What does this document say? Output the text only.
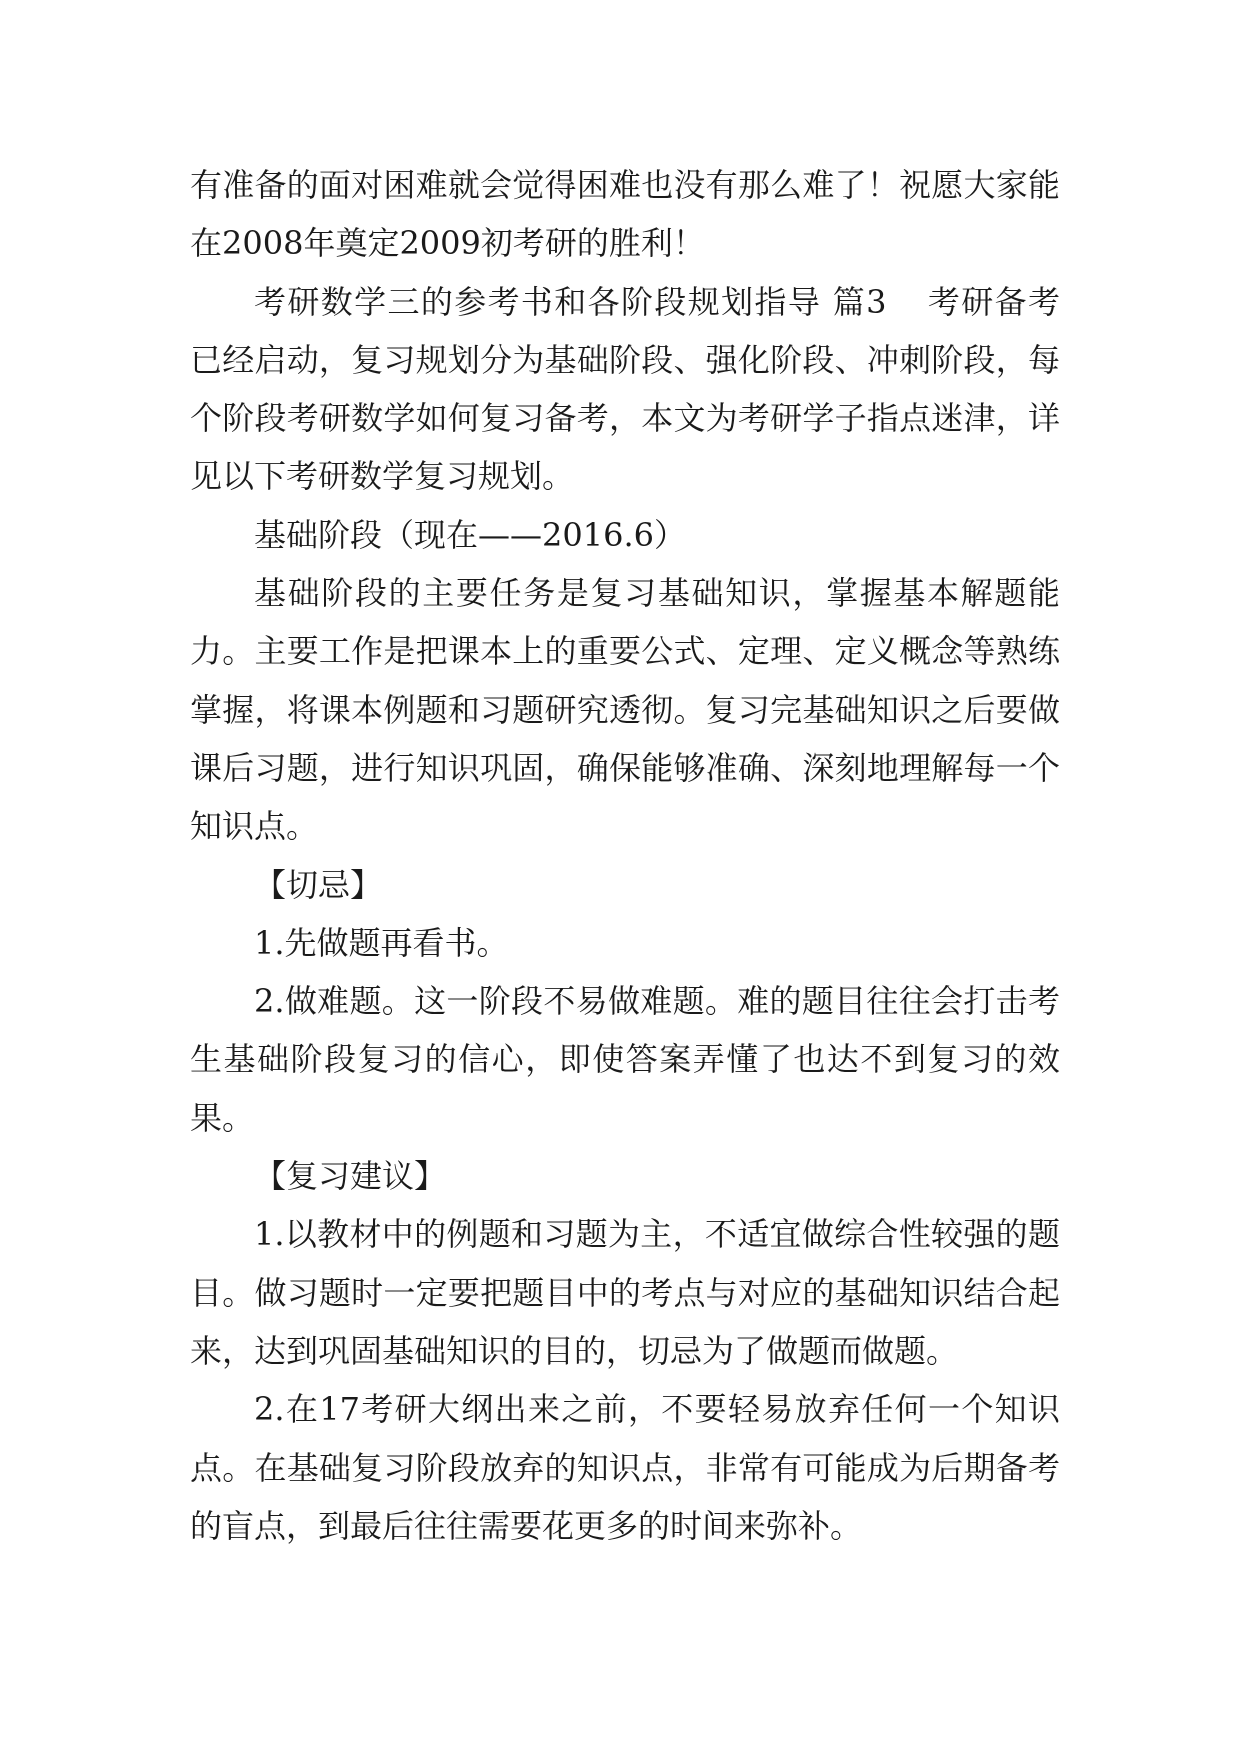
有准备的面对困难就会觉得困难也没有那么难了！祝愿大家能在2008年奠定2009初考研的胜利！

考研数学三的参考书和各阶段规划指导 篇3 考研备考已经启动，复习规划分为基础阶段、强化阶段、冲刺阶段，每个阶段考研数学如何复习备考，本文为考研学子指点迷津，详见以下考研数学复习规划。

基础阶段（现在——2016.6）

基础阶段的主要任务是复习基础知识，掌握基本解题能力。主要工作是把课本上的重要公式、定理、定义概念等熟练掌握，将课本例题和习题研究透彻。复习完基础知识之后要做课后习题，进行知识巩固，确保能够准确、深刻地理解每一个知识点。

【切忌】

1.先做题再看书。

2.做难题。这一阶段不易做难题。难的题目往往会打击考生基础阶段复习的信心，即使答案弄懂了也达不到复习的效果。

【复习建议】

1.以教材中的例题和习题为主，不适宜做综合性较强的题目。做习题时一定要把题目中的考点与对应的基础知识结合起来，达到巩固基础知识的目的，切忌为了做题而做题。

2.在17考研大纲出来之前，不要轻易放弃任何一个知识点。在基础复习阶段放弃的知识点，非常有可能成为后期备考的盲点，到最后往往需要花更多的时间来弥补。
